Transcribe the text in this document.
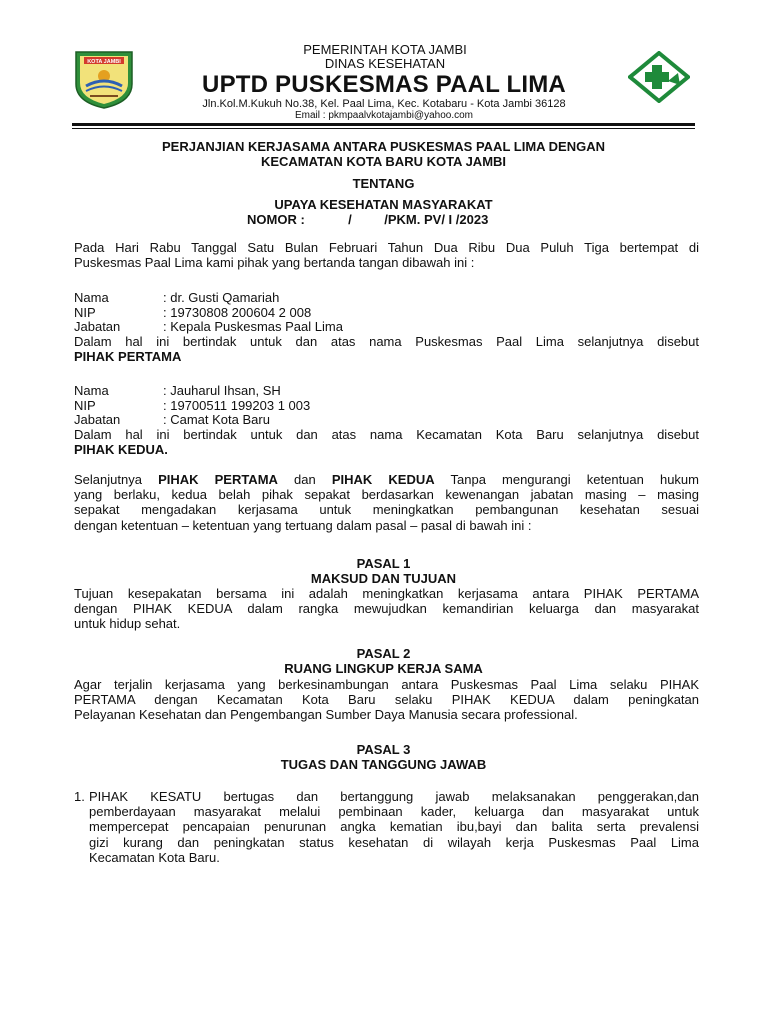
KOTA JAMBI
PEMERINTAH KOTA JAMBI
DINAS KESEHATAN
UPTD PUSKESMAS PAAL LIMA
Jln.Kol.M.Kukuh No.38, Kel. Paal Lima, Kec. Kotabaru - Kota Jambi 36128
Email : pkmpaalvkotajambi@yahoo.com
PERJANJIAN KERJASAMA ANTARA PUSKESMAS PAAL LIMA DENGAN
KECAMATAN KOTA BARU KOTA JAMBI
TENTANG
UPAYA KESEHATAN MASYARAKAT
NOMOR :	/	/PKM. PV/ I /2023
Pada Hari Rabu Tanggal Satu Bulan Februari Tahun Dua Ribu Dua Puluh Tiga bertempat di
Puskesmas Paal Lima kami pihak yang bertanda tangan dibawah ini :
Nama	: dr. Gusti Qamariah
NIP	: 19730808 200604 2 008
Jabatan	: Kepala Puskesmas Paal Lima
Dalam hal ini bertindak untuk dan atas nama Puskesmas Paal Lima selanjutnya disebut
PIHAK PERTAMA
Nama	: Jauharul Ihsan, SH
NIP	: 19700511 199203 1 003
Jabatan	: Camat Kota Baru
Dalam hal ini bertindak untuk dan atas nama Kecamatan Kota Baru selanjutnya disebut
PIHAK KEDUA.
Selanjutnya PIHAK PERTAMA dan PIHAK KEDUA Tanpa mengurangi ketentuan hukum
yang berlaku, kedua belah pihak sepakat berdasarkan kewenangan jabatan masing – masing
sepakat mengadakan kerjasama untuk meningkatkan pembangunan kesehatan sesuai
dengan ketentuan – ketentuan yang tertuang dalam pasal – pasal di bawah ini :
PASAL 1
MAKSUD DAN TUJUAN
Tujuan kesepakatan bersama ini adalah meningkatkan kerjasama antara PIHAK PERTAMA
dengan PIHAK KEDUA dalam rangka mewujudkan kemandirian keluarga dan masyarakat
untuk hidup sehat.
PASAL 2
RUANG LINGKUP KERJA SAMA
Agar terjalin kerjasama yang berkesinambungan antara Puskesmas Paal Lima selaku PIHAK
PERTAMA dengan Kecamatan Kota Baru selaku PIHAK KEDUA dalam peningkatan
Pelayanan Kesehatan dan Pengembangan Sumber Daya Manusia secara professional.
PASAL 3
TUGAS DAN TANGGUNG JAWAB
1. PIHAK KESATU bertugas dan bertanggung jawab melaksanakan penggerakan,dan
pemberdayaan masyarakat melalui pembinaan kader, keluarga dan masyarakat untuk
mempercepat pencapaian penurunan angka kematian ibu,bayi dan balita serta prevalensi
gizi kurang dan peningkatan status kesehatan di wilayah kerja Puskesmas Paal Lima
Kecamatan Kota Baru.
